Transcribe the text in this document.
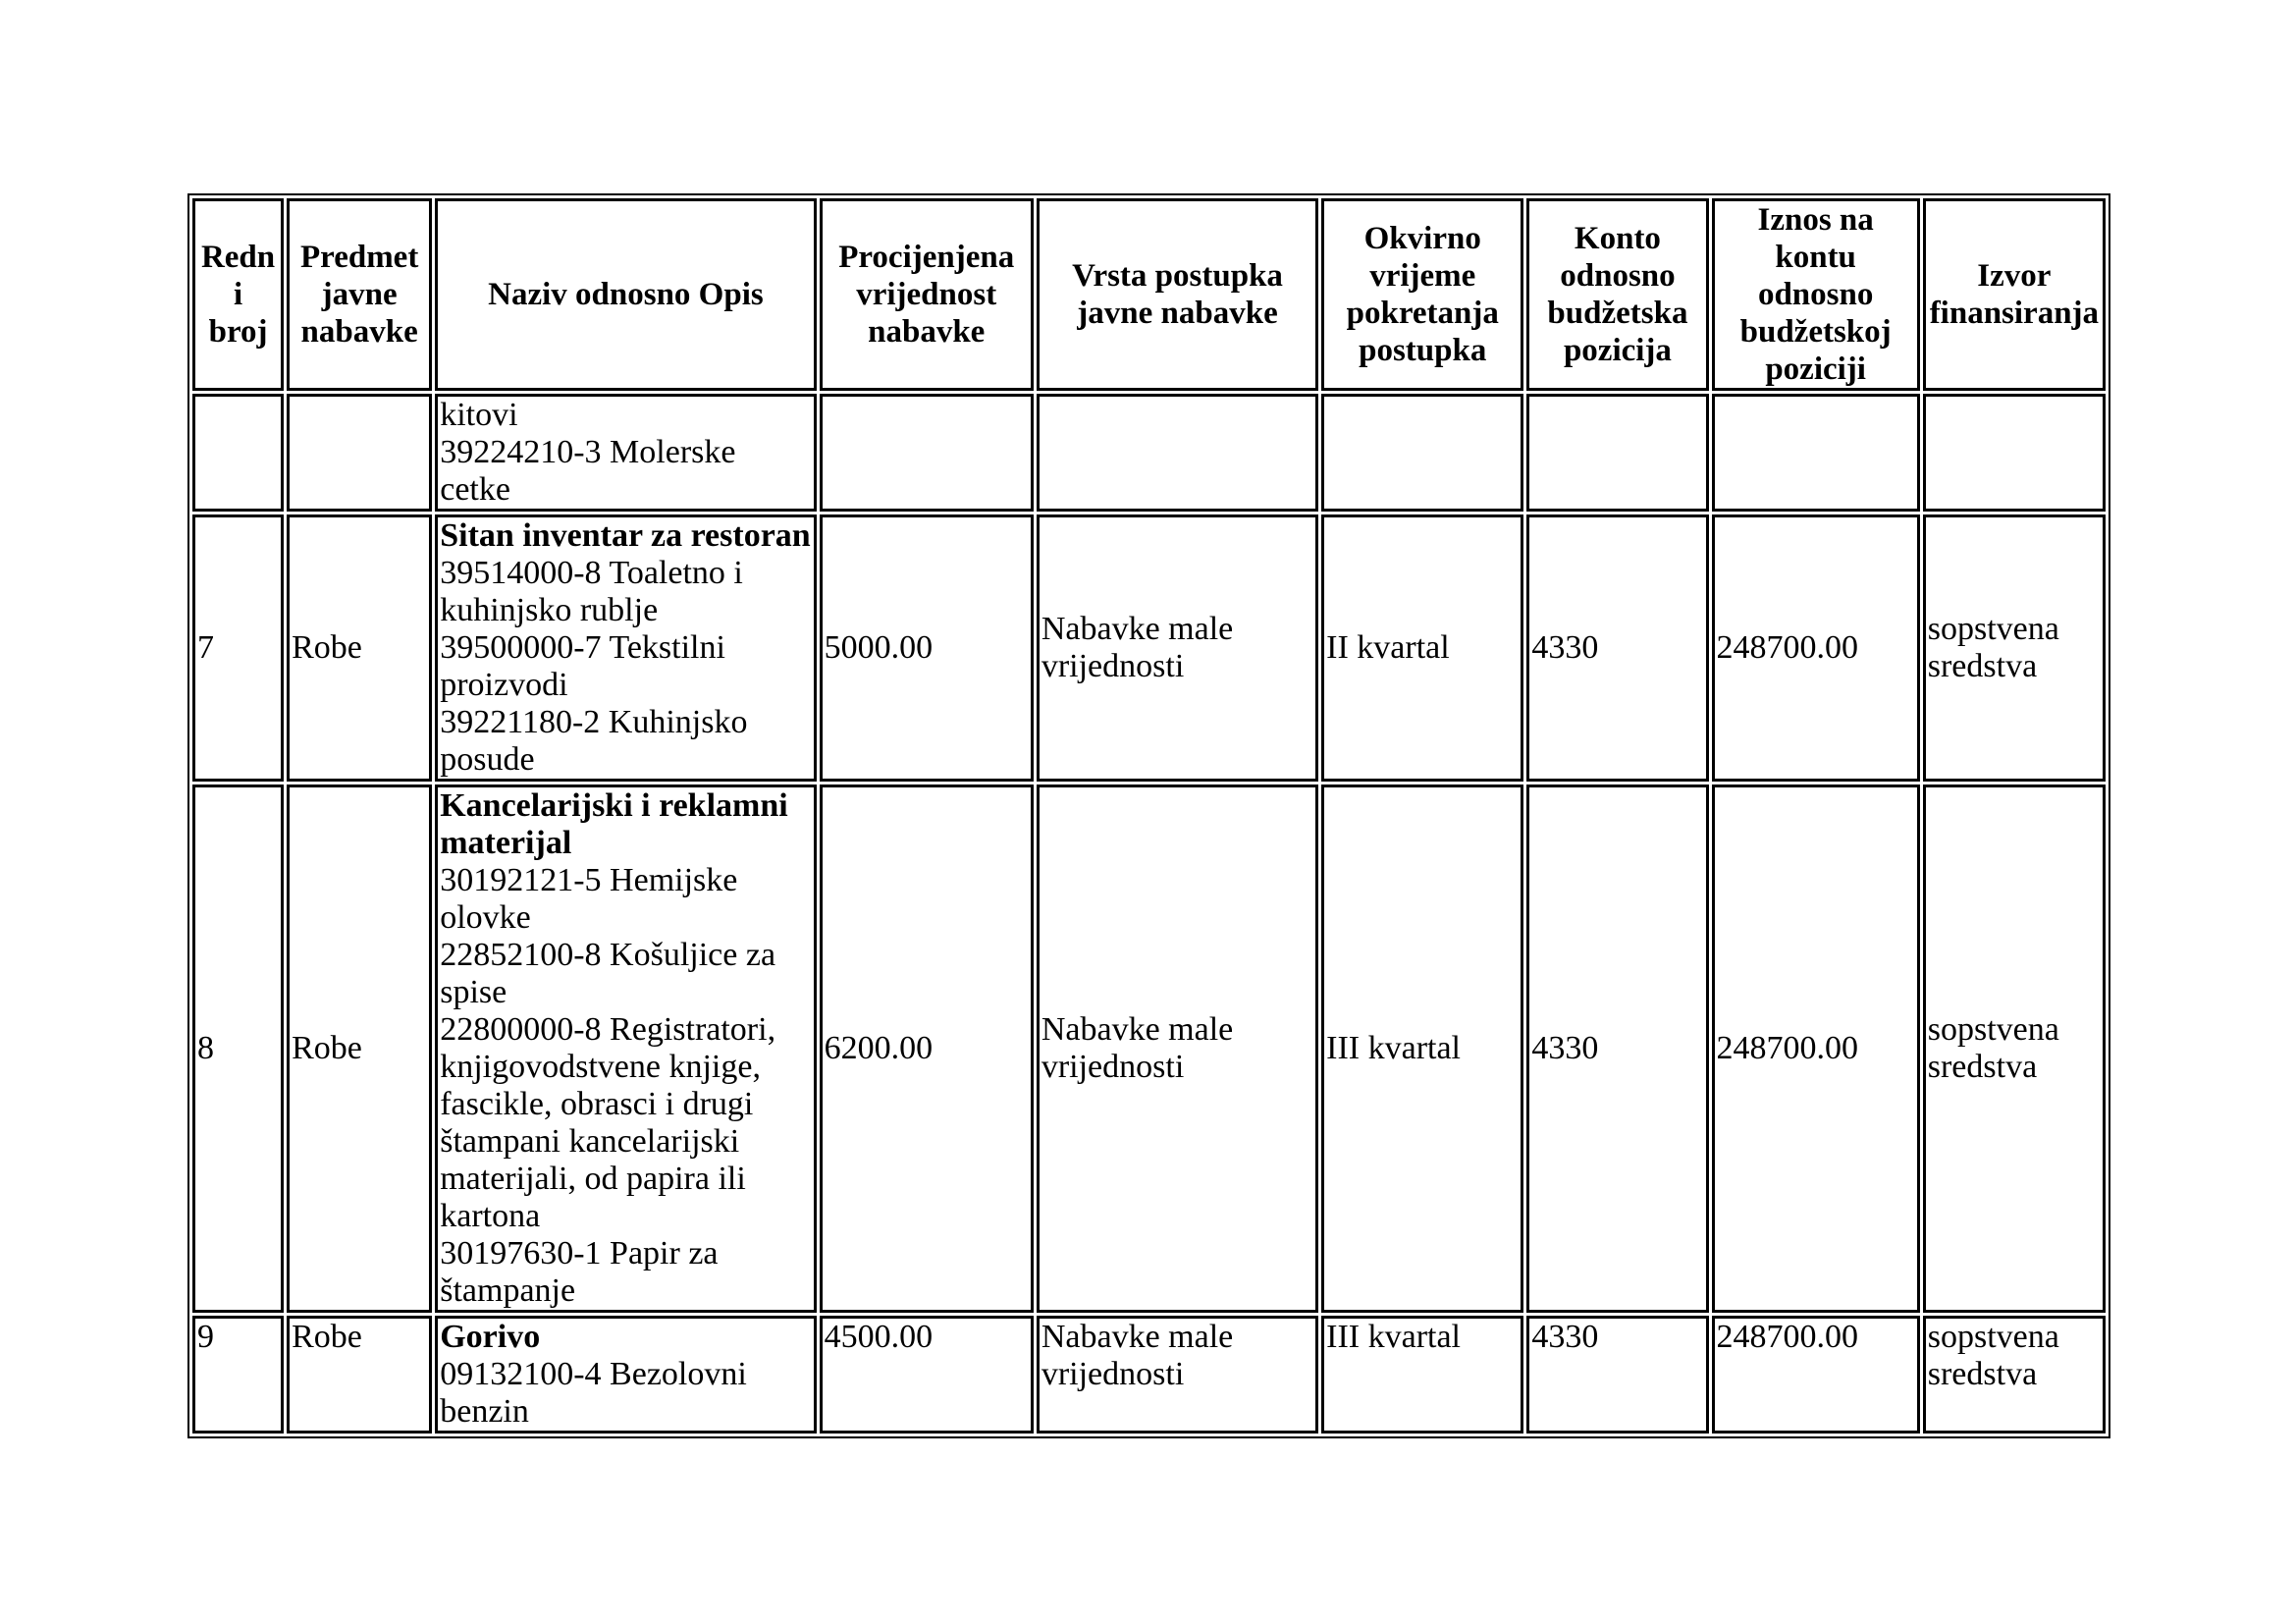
Redni
broj	Predmet
javne
nabavke	Naziv odnosno Opis	Procijenjena
vrijednost
nabavke	Vrsta postupka
javne nabavke	Okvirno
vrijeme
pokretanja
postupka	Konto
odnosno
budžetska
pozicija	Iznos na
kontu
odnosno
budžetskoj
poziciji	Izvor
finansiranja

		kitovi
39224210-3 Molerske cetke						

7	Robe	Sitan inventar za restoran
39514000-8 Toaletno i kuhinjsko rublje
39500000-7 Tekstilni proizvodi
39221180-2 Kuhinjsko posude	5000.00	Nabavke male vrijednosti	II kvartal	4330	248700.00	sopstvena sredstva
8	Robe	Kancelarijski i reklamni materijal
30192121-5 Hemijske olovke
22852100-8 Košuljice za spise
22800000-8 Registratori, knjigovodstvene knjige, fascikle, obrasci i drugi štampani kancelarijski materijali, od papira ili kartona
30197630-1 Papir za štampanje	6200.00	Nabavke male vrijednosti	III kvartal	4330	248700.00	sopstvena sredstva
9	Robe	Gorivo
09132100-4 Bezolovni benzin	4500.00	Nabavke male vrijednosti	III kvartal	4330	248700.00	sopstvena sredstva
